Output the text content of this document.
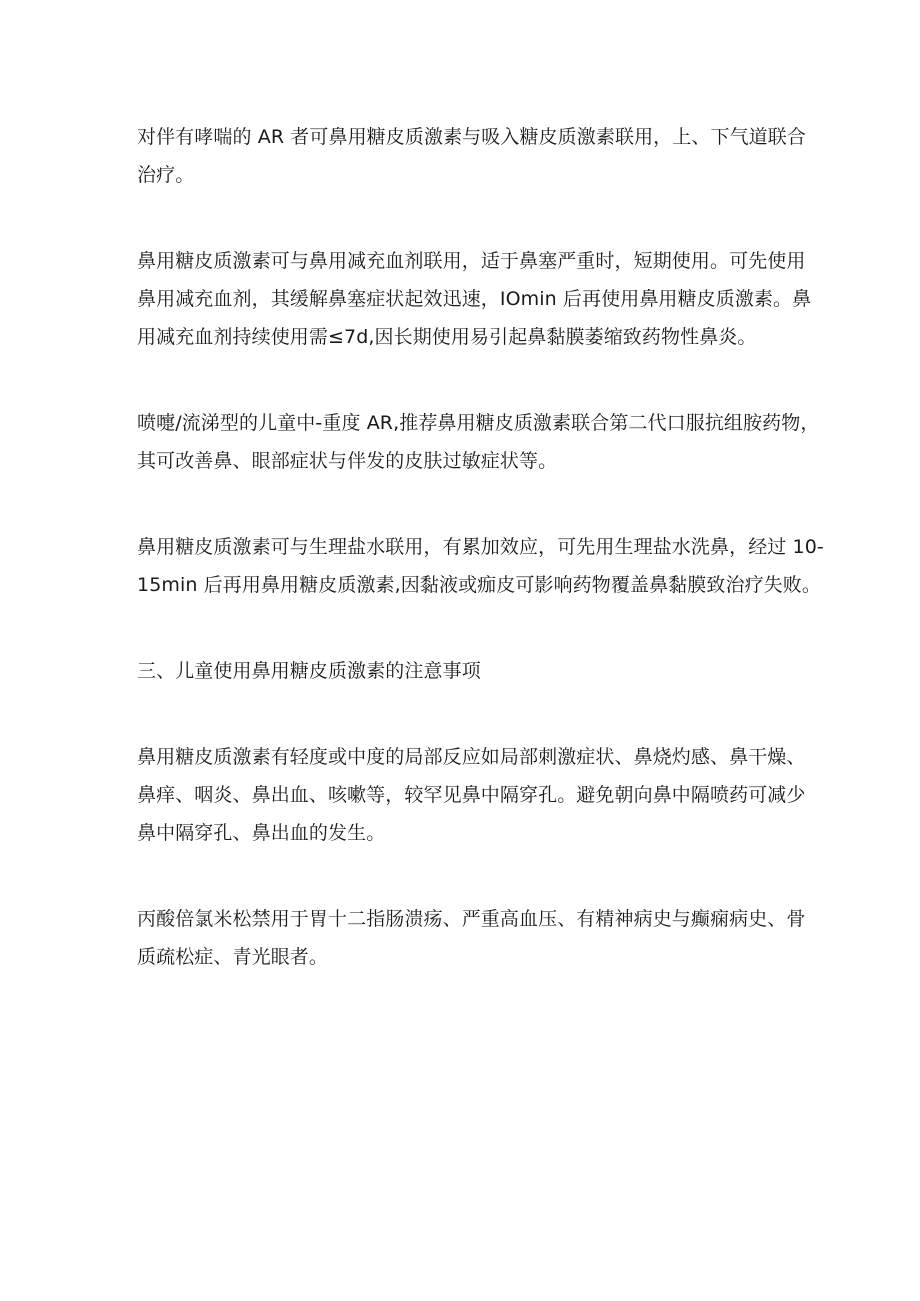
对伴有哮喘的 AR 者可鼻用糖皮质激素与吸入糖皮质激素联用，上、下气道联合
治疗。

鼻用糖皮质激素可与鼻用减充血剂联用，适于鼻塞严重时，短期使用。可先使用
鼻用减充血剂，其缓解鼻塞症状起效迅速，IOmin 后再使用鼻用糖皮质激素。鼻
用减充血剂持续使用需≤7d,因长期使用易引起鼻黏膜萎缩致药物性鼻炎。

喷嚏/流涕型的儿童中-重度 AR,推荐鼻用糖皮质激素联合第二代口服抗组胺药物，
其可改善鼻、眼部症状与伴发的皮肤过敏症状等。

鼻用糖皮质激素可与生理盐水联用，有累加效应，可先用生理盐水洗鼻，经过 10-
15min 后再用鼻用糖皮质激素,因黏液或痂皮可影响药物覆盖鼻黏膜致治疗失败。

三、儿童使用鼻用糖皮质激素的注意事项

鼻用糖皮质激素有轻度或中度的局部反应如局部刺激症状、鼻烧灼感、鼻干燥、
鼻痒、咽炎、鼻出血、咳嗽等，较罕见鼻中隔穿孔。避免朝向鼻中隔喷药可减少
鼻中隔穿孔、鼻出血的发生。

丙酸倍氯米松禁用于胃十二指肠溃疡、严重高血压、有精神病史与癫痫病史、骨
质疏松症、青光眼者。
